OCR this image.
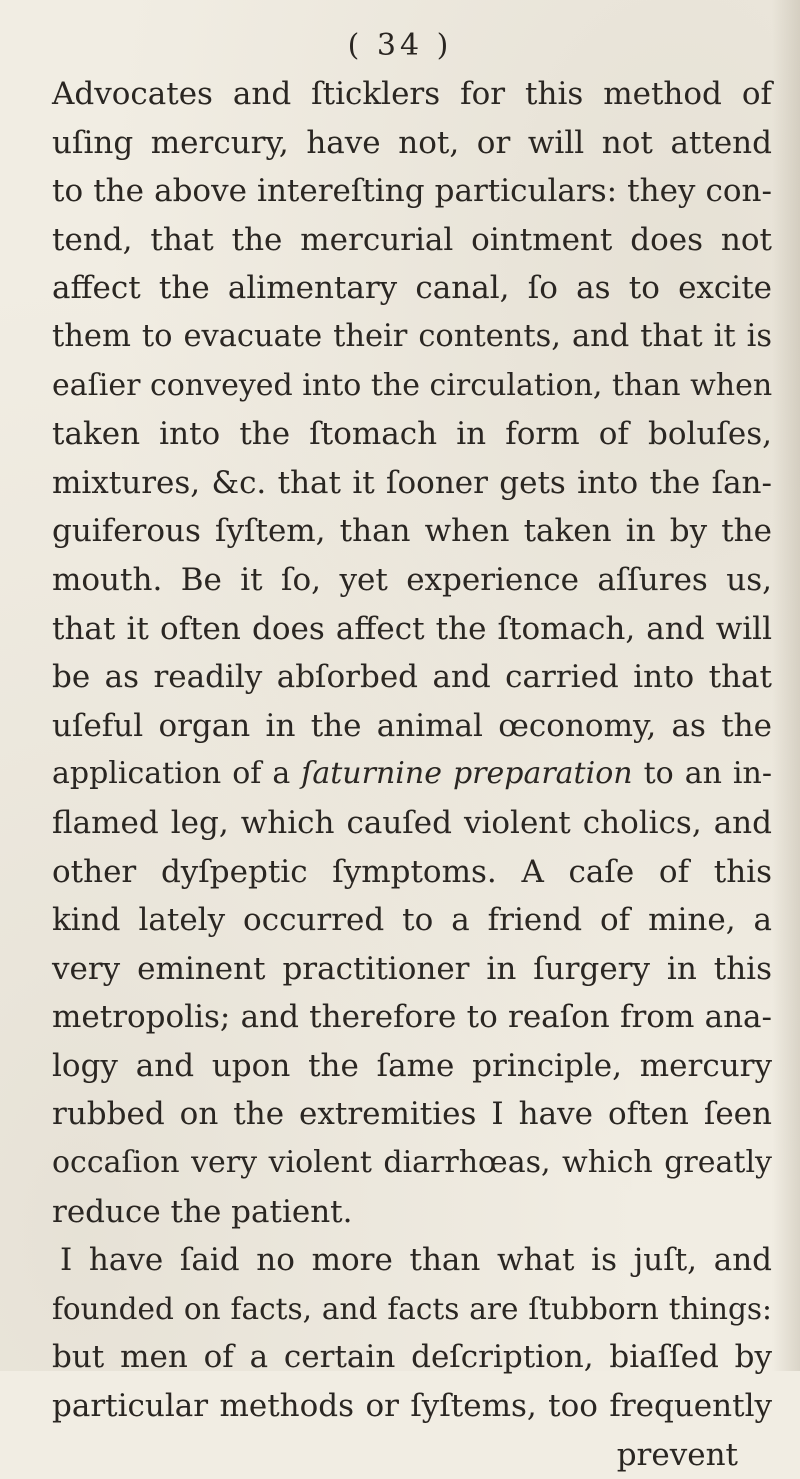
( 34 )
Advocates and ſticklers for this method of
uſing mercury, have not, or will not attend
to the above intereſting particulars: they con-
tend, that the mercurial ointment does not
affect the alimentary canal, ſo as to excite
them to evacuate their contents, and that it is
eaſier conveyed into the circulation, than when
taken into the ſtomach in form of boluſes,
mixtures, &c. that it ſooner gets into the ſan-
guiferous ſyſtem, than when taken in by the
mouth. Be it ſo, yet experience aſſures us,
that it often does affect the ſtomach, and will
be as readily abſorbed and carried into that
uſeful organ in the animal œconomy, as the
application of a ſaturnine preparation to an in-
flamed leg, which cauſed violent cholics, and
other dyſpeptic ſymptoms. A caſe of this
kind lately occurred to a friend of mine, a
very eminent practitioner in ſurgery in this
metropolis; and therefore to reaſon from ana-
logy and upon the ſame principle, mercury
rubbed on the extremities I have often ſeen
occaſion very violent diarrhœas, which greatly
reduce the patient.
I have ſaid no more than what is juſt, and
founded on facts, and facts are ſtubborn things:
but men of a certain deſcription, biaſſed by
particular methods or ſyſtems, too frequently
prevent
